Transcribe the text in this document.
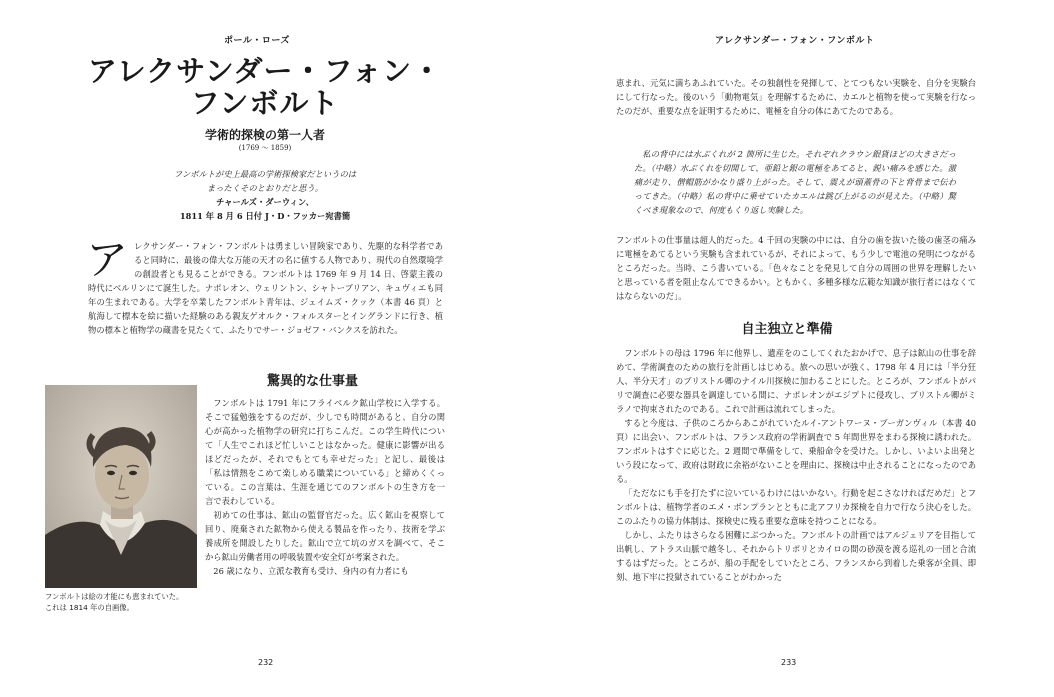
ポール・ローズ
アレクサンダー・フォン・
フンボルト
学術的探検の第一人者
(1769 〜 1859)
フンボルトが史上最高の学術探検家だというのは
まったくそのとおりだと思う。
チャールズ・ダーウィン、
1811 年 8 月 6 日付 J・D・フッカー宛書簡
アレクサンダー・フォン・フンボルトは勇ましい冒険家であり、先駆的な科学者であると同時に、最後の偉大な万能の天才の名に値する人物であり、現代の自然環境学の創設者とも見ることができる。フンボルトは 1769 年 9 月 14 日、啓蒙主義の時代にベルリンにて誕生した。ナポレオン、ウェリントン、シャトーブリアン、キュヴィエも同年の生まれである。大学を卒業したフンボルト青年は、ジェイムズ・クック（本書 46 頁）と航海して標本を絵に描いた経験のある親友ゲオルク・フォルスターとイングランドに行き、植物の標本と植物学の蔵書を見たくて、ふたりでサー・ジョゼフ・バンクスを訪れた。
驚異的な仕事量
フンボルトは絵の才能にも恵まれていた。
これは 1814 年の自画像。

フンボルトは 1791 年にフライベルク鉱山学校に入学する。そこで猛勉強をするのだが、少しでも時間があると、自分の関心が高かった植物学の研究に打ちこんだ。この学生時代について「人生でこれほど忙しいことはなかった。健康に影響が出るほどだったが、それでもとても幸せだった」と記し、最後は「私は情熱をこめて楽しめる職業についている」と締めくくっている。この言葉は、生涯を通じてのフンボルトの生き方を一言で表わしている。

初めての仕事は、鉱山の監督官だった。広く鉱山を視察して回り、廃棄された鉱物から使える製品を作ったり、技術を学ぶ養成所を開設したりした。鉱山で立て坑のガスを調べて、そこから鉱山労働者用の呼吸装置や安全灯が考案された。

26 歳になり、立派な教育も受け、身内の有力者にも

232
アレクサンダー・フォン・フンボルト

恵まれ、元気に満ちあふれていた。その独創性を発揮して、とてつもない実験を、自分を実験台にして行なった。後のいう「動物電気」を理解するために、カエルと植物を使って実験を行なったのだが、重要な点を証明するために、電極を自分の体にあてたのである。

私の背中には水ぶくれが 2 箇所に生じた。それぞれクラウン銀貨ほどの大きさだった。（中略）水ぶくれを切開して、亜鉛と銀の電極をあてると、鋭い痛みを感じた。激痛が走り、僧帽筋がかなり盛り上がった。そして、震えが頭蓋骨の下と背骨まで伝わってきた。（中略）私の背中に乗せていたカエルは跳び上がるのが見えた。（中略）驚くべき現象なので、何度もくり返し実験した。

フンボルトの仕事量は超人的だった。4 千回の実験の中には、自分の歯を抜いた後の歯茎の痛みに電極をあてるという実験も含まれているが、それによって、もう少しで電池の発明につながるところだった。当時、こう書いている。「色々なことを発見して自分の周囲の世界を理解したいと思っている者を阻止なんてできるかい。ともかく、多種多様な広範な知識が旅行者にはなくてはならないのだ」。

自主独立と準備

フンボルトの母は 1796 年に他界し、遺産をのこしてくれたおかげで、息子は鉱山の仕事を辞めて、学術調査のための旅行を計画しはじめる。旅への思いが強く、1798 年 4 月には「半分狂人、半分天才」のブリストル卿のナイル川探検に加わることにした。ところが、フンボルトがパリで調査に必要な器具を調達している間に、ナポレオンがエジプトに侵攻し、ブリストル卿がミラノで拘束されたのである。これで計画は流れてしまった。

すると今度は、子供のころからあこがれていたルイ-アントワーヌ・ブーガンヴィル（本書 40 頁）に出会い、フンボルトは、フランス政府の学術調査で 5 年間世界をまわる探検に誘われた。フンボルトはすぐに応じた。2 週間で準備をして、乗船命令を受けた。しかし、いよいよ出発という段になって、政府は財政に余裕がないことを理由に、探検は中止されることになったのである。

「ただなにも手を打たずに泣いているわけにはいかない。行動を起こさなければだめだ」とフンボルトは、植物学者のエメ・ボンプランとともに北アフリカ探検を自力で行なう決心をした。このふたりの協力体制は、探検史に残る重要な意味を持つことになる。

しかし、ふたりはさらなる困難にぶつかった。フンボルトの計画ではアルジェリアを目指して出帆し、アトラス山脈で越冬し、それからトリポリとカイロの間の砂漠を渡る巡礼の一団と合流するはずだった。ところが、船の手配をしていたところ、フランスから到着した乗客が全員、即刻、地下牢に投獄されていることがわかった

233
